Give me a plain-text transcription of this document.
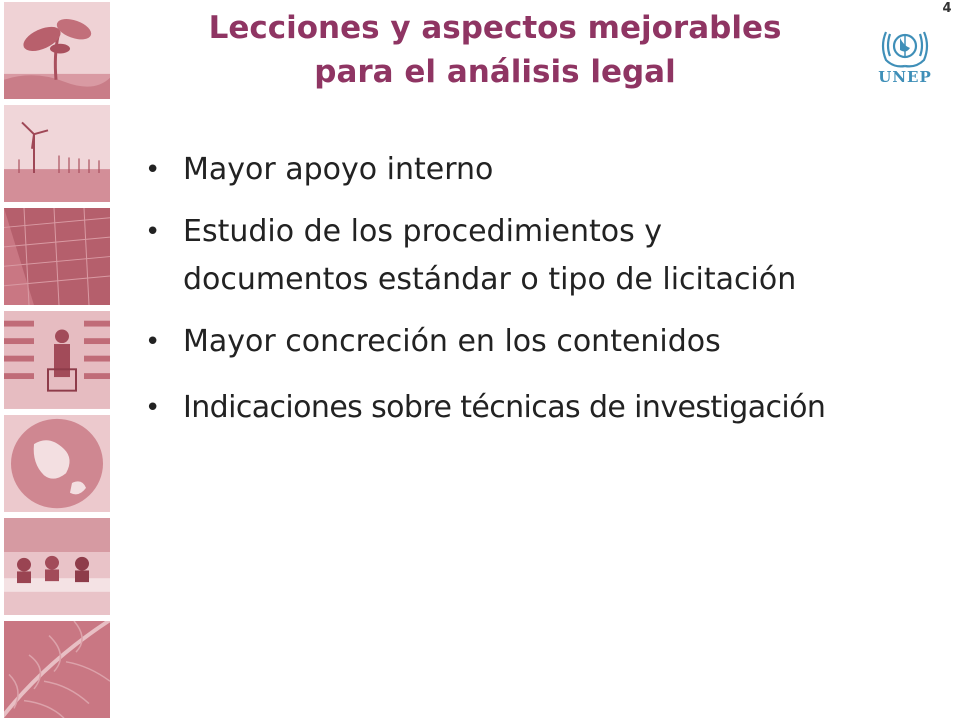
Lecciones y aspectos mejorables
para el análisis legal
4
UNEP
• Mayor apoyo interno
• Estudio de los procedimientos y
documentos estándar o tipo de licitación
• Mayor concreción en los contenidos
• Indicaciones sobre técnicas de investigación
